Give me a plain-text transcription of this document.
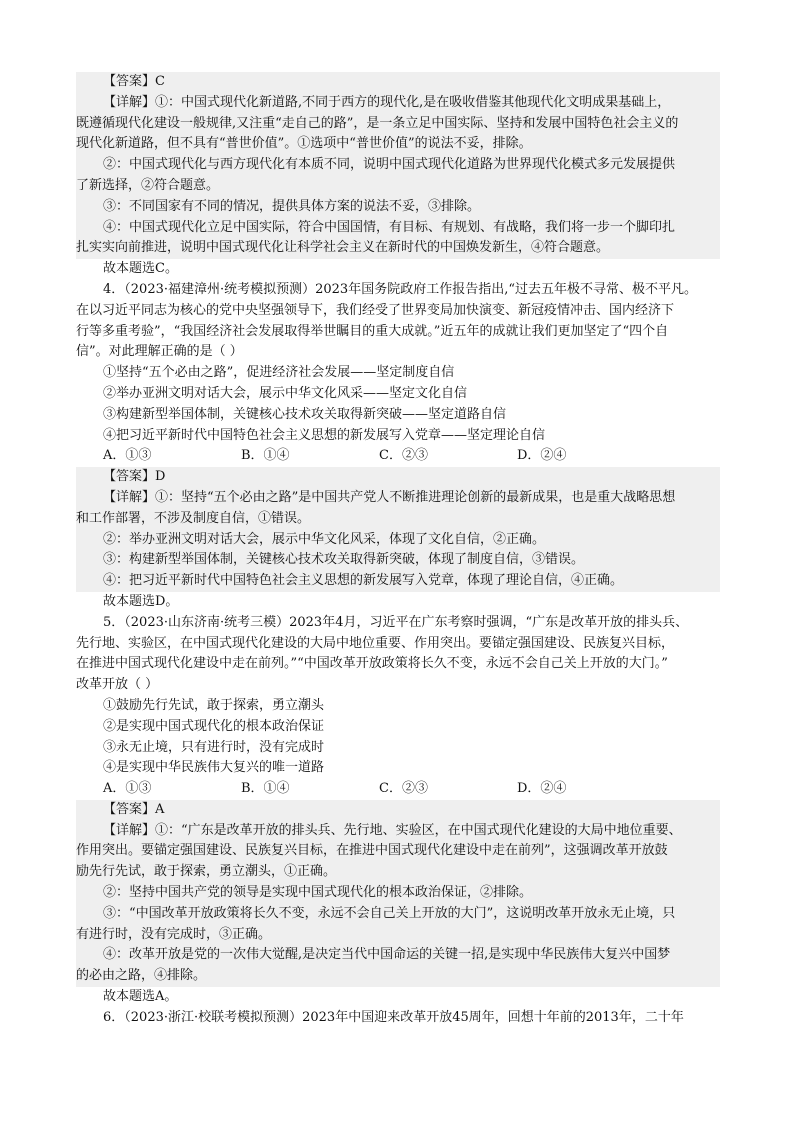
【答案】C
【详解】①：中国式现代化新道路,不同于西方的现代化,是在吸收借鉴其他现代化文明成果基础上，
既遵循现代化建设一般规律,又注重“走自己的路”，是一条立足中国实际、坚持和发展中国特色社会主义的
现代化新道路，但不具有“普世价值”。①选项中“普世价值”的说法不妥，排除。
②：中国式现代化与西方现代化有本质不同，说明中国式现代化道路为世界现代化模式多元发展提供
了新选择，②符合题意。
③：不同国家有不同的情况，提供具体方案的说法不妥，③排除。
④：中国式现代化立足中国实际，符合中国国情，有目标、有规划、有战略，我们将一步一个脚印扎
扎实实向前推进，说明中国式现代化让科学社会主义在新时代的中国焕发新生，④符合题意。
故本题选C。
4．（2023·福建漳州·统考模拟预测）2023年国务院政府工作报告指出,“过去五年极不寻常、极不平凡。
在以习近平同志为核心的党中央坚强领导下，我们经受了世界变局加快演变、新冠疫情冲击、国内经济下
行等多重考验”，“我国经济社会发展取得举世瞩目的重大成就。”近五年的成就让我们更加坚定了“四个自
信”。对此理解正确的是（ ）
①坚持“五个必由之路”，促进经济社会发展——坚定制度自信
②举办亚洲文明对话大会，展示中华文化风采——坚定文化自信
③构建新型举国体制，关键核心技术攻关取得新突破——坚定道路自信
④把习近平新时代中国特色社会主义思想的新发展写入党章——坚定理论自信
A．①③	B．①④	C．②③	D．②④
【答案】D
【详解】①：坚持“五个必由之路”是中国共产党人不断推进理论创新的最新成果，也是重大战略思想
和工作部署，不涉及制度自信，①错误。
②：举办亚洲文明对话大会，展示中华文化风采，体现了文化自信，②正确。
③：构建新型举国体制，关键核心技术攻关取得新突破，体现了制度自信，③错误。
④：把习近平新时代中国特色社会主义思想的新发展写入党章，体现了理论自信，④正确。
故本题选D。
5．（2023·山东济南·统考三模）2023年4月，习近平在广东考察时强调，“广东是改革开放的排头兵、
先行地、实验区，在中国式现代化建设的大局中地位重要、作用突出。要锚定强国建设、民族复兴目标，
在推进中国式现代化建设中走在前列。”“中国改革开放政策将长久不变，永远不会自己关上开放的大门。”
改革开放（ ）
①鼓励先行先试，敢于探索，勇立潮头
②是实现中国式现代化的根本政治保证
③永无止境，只有进行时，没有完成时
④是实现中华民族伟大复兴的唯一道路
A．①③	B．①④	C．②③	D．②④
【答案】A
【详解】①：“广东是改革开放的排头兵、先行地、实验区，在中国式现代化建设的大局中地位重要、
作用突出。要锚定强国建设、民族复兴目标，在推进中国式现代化建设中走在前列”，这强调改革开放鼓
励先行先试，敢于探索，勇立潮头，①正确。
②：坚持中国共产党的领导是实现中国式现代化的根本政治保证，②排除。
③：“中国改革开放政策将长久不变，永远不会自己关上开放的大门”，这说明改革开放永无止境，只
有进行时，没有完成时，③正确。
④：改革开放是党的一次伟大觉醒,是决定当代中国命运的关键一招,是实现中华民族伟大复兴中国梦
的必由之路，④排除。
故本题选A。
6．（2023·浙江·校联考模拟预测）2023年中国迎来改革开放45周年，回想十年前的2013年，二十年
